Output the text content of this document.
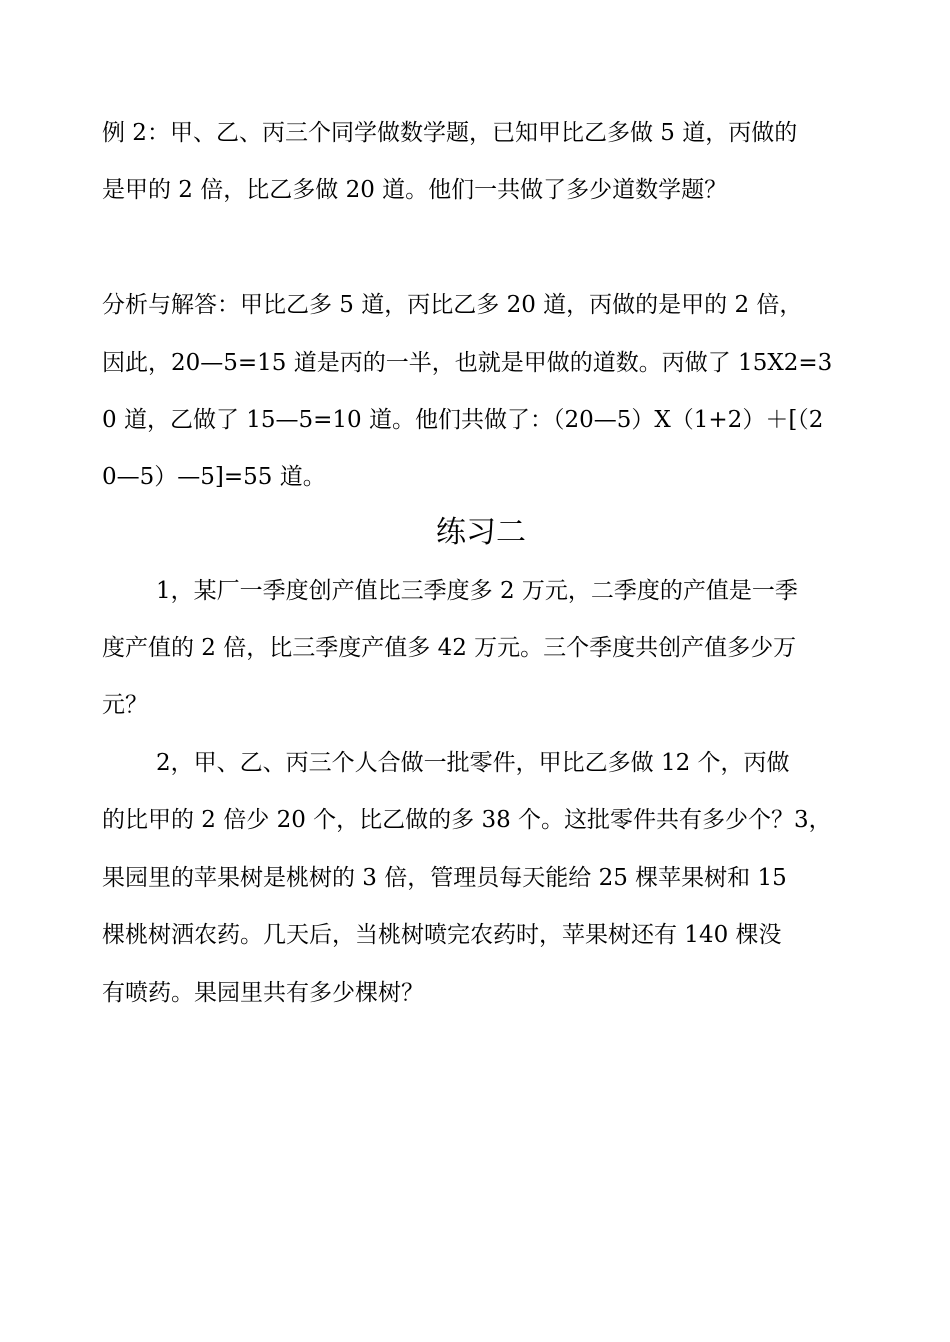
例 2：甲、乙、丙三个同学做数学题，已知甲比乙多做 5 道，丙做的
是甲的 2 倍，比乙多做 20 道。他们一共做了多少道数学题？
分析与解答：甲比乙多 5 道，丙比乙多 20 道，丙做的是甲的 2 倍，
因此，20—5=15 道是丙的一半，也就是甲做的道数。丙做了 15X2=3
0 道，乙做了 15—5=10 道。他们共做了：（20—5）X（1+2）＋[（2
0—5）—5]=55 道。
练习二
1，某厂一季度创产值比三季度多 2 万元，二季度的产值是一季
度产值的 2 倍，比三季度产值多 42 万元。三个季度共创产值多少万
元？
2，甲、乙、丙三个人合做一批零件，甲比乙多做 12 个，丙做
的比甲的 2 倍少 20 个，比乙做的多 38 个。这批零件共有多少个？3，
果园里的苹果树是桃树的 3 倍，管理员每天能给 25 棵苹果树和 15
棵桃树洒农药。几天后，当桃树喷完农药时，苹果树还有 140 棵没
有喷药。果园里共有多少棵树？
